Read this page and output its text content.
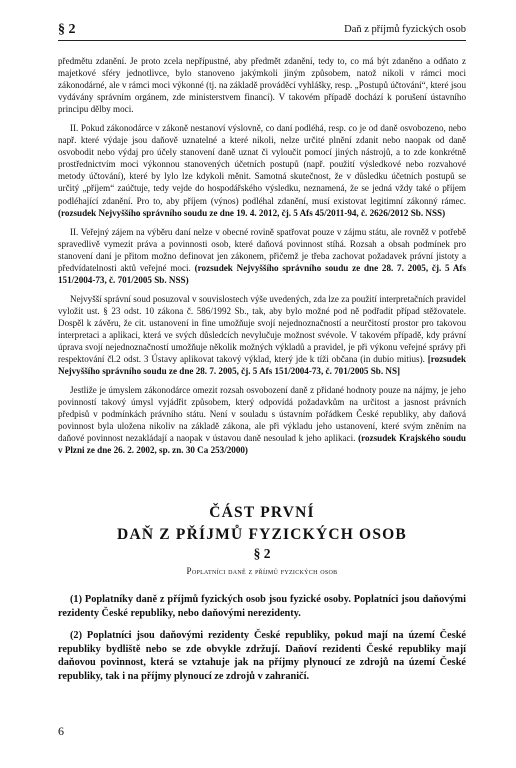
§ 2	Daň z příjmů fyzických osob

předmětu zdanění. Je proto zcela nepřípustné, aby předmět zdanění, tedy to, co má být zdaněno a odňato z majetkové sféry jednotlivce, bylo stanoveno jakýmkoli jiným způsobem, natož nikoli v rámci moci zákonodárné, ale v rámci moci výkonné (tj. na základě prováděcí vyhlášky, resp. „Postupů účtování“, které jsou vydávány správním orgánem, zde ministerstvem financí). V takovém případě dochází k porušení ústavního principu dělby moci.

II. Pokud zákonodárce v zákoně nestanoví výslovně, co daní podléhá, resp. co je od daně osvobozeno, nebo např. které výdaje jsou daňově uznatelné a které nikoli, nelze určité plnění zdanit nebo naopak od daně osvobodit nebo výdaj pro účely stanovení daně uznat či vyloučit pomocí jiných nástrojů, a to zde konkrétně prostřednictvím moci výkonnou stanovených účetních postupů (např. použití výsledkové nebo rozvahové metody účtování), které by lylo lze kdykoli měnit. Samotná skutečnost, že v důsledku účetních postupů se určitý „příjem“ zaúčtuje, tedy vejde do hospodářského výsledku, neznamená, že se jedná vždy také o příjem podléhající zdanění. Pro to, aby příjem (výnos) podléhal zdanění, musí existovat legitimní zákonný rámec. (rozsudek Nejvyššího správního soudu ze dne 19. 4. 2012, čj. 5 Afs 45/2011-94, č. 2626/2012 Sb. NSS)

II. Veřejný zájem na výběru daní nelze v obecné rovině spatřovat pouze v zájmu státu, ale rovněž v potřebě spravedlivě vymezit práva a povinnosti osob, které daňová povinnost stíhá. Rozsah a obsah podmínek pro stanovení daní je přitom možno definovat jen zákonem, přičemž je třeba zachovat požadavek právní jistoty a předvídatelnosti aktů veřejné moci. (rozsudek Nejvyššího správního soudu ze dne 28. 7. 2005, čj. 5 Afs 151/2004-73, č. 701/2005 Sb. NSS)

Nejvyšší správní soud posuzoval v souvislostech výše uvedených, zda lze za použití interpretačních pravidel vyložit ust. § 23 odst. 10 zákona č. 586/1992 Sb., tak, aby bylo možné pod ně podřadit případ stěžovatele. Dospěl k závěru, že cit. ustanovení in fine umožňuje svojí nejednoznačností a neurčitostí prostor pro takovou interpretaci a aplikaci, která ve svých důsledcích nevylučuje možnost svévole. V takovém případě, kdy právní úprava svojí nejednoznačností umožňuje několik možných výkladů a pravidel, je při výkonu veřejné správy při respektování čl.2 odst. 3 Ústavy aplikovat takový výklad, který jde k tíži občana (in dubio mitius). [rozsudek Nejvyššího správního soudu ze dne 28. 7. 2005, čj. 5 Afs 151/2004-73, č. 701/2005 Sb. NS]

Jestliže je úmyslem zákonodárce omezit rozsah osvobození daně z přidané hodnoty pouze na nájmy, je jeho povinností takový úmysl vyjádřit způsobem, který odpovídá požadavkům na určitost a jasnost právních předpisů v podmínkách právního státu. Není v souladu s ústavním pořádkem České republiky, aby daňová povinnost byla uložena nikoliv na základě zákona, ale při výkladu jeho ustanovení, které svým zněním na daňové povinnost nezakládají a naopak v ústavou daně nesoulad k jeho aplikaci. (rozsudek Krajského soudu v Plzni ze dne 26. 2. 2002, sp. zn. 30 Ca 253/2000)

ČÁST PRVNÍ
DAŇ Z PŘÍJMŮ FYZICKÝCH OSOB
§ 2
Poplatníci daně z příjmů fyzických osob

(1) Poplatníky daně z příjmů fyzických osob jsou fyzické osoby. Poplatníci jsou daňovými rezidenty České republiky, nebo daňovými nerezidenty.

(2) Poplatníci jsou daňovými rezidenty České republiky, pokud mají na území České republiky bydliště nebo se zde obvykle zdržují. Daňoví rezidenti České republiky mají daňovou povinnost, která se vztahuje jak na příjmy plynoucí ze zdrojů na území České republiky, tak i na příjmy plynoucí ze zdrojů v zahraničí.

6
